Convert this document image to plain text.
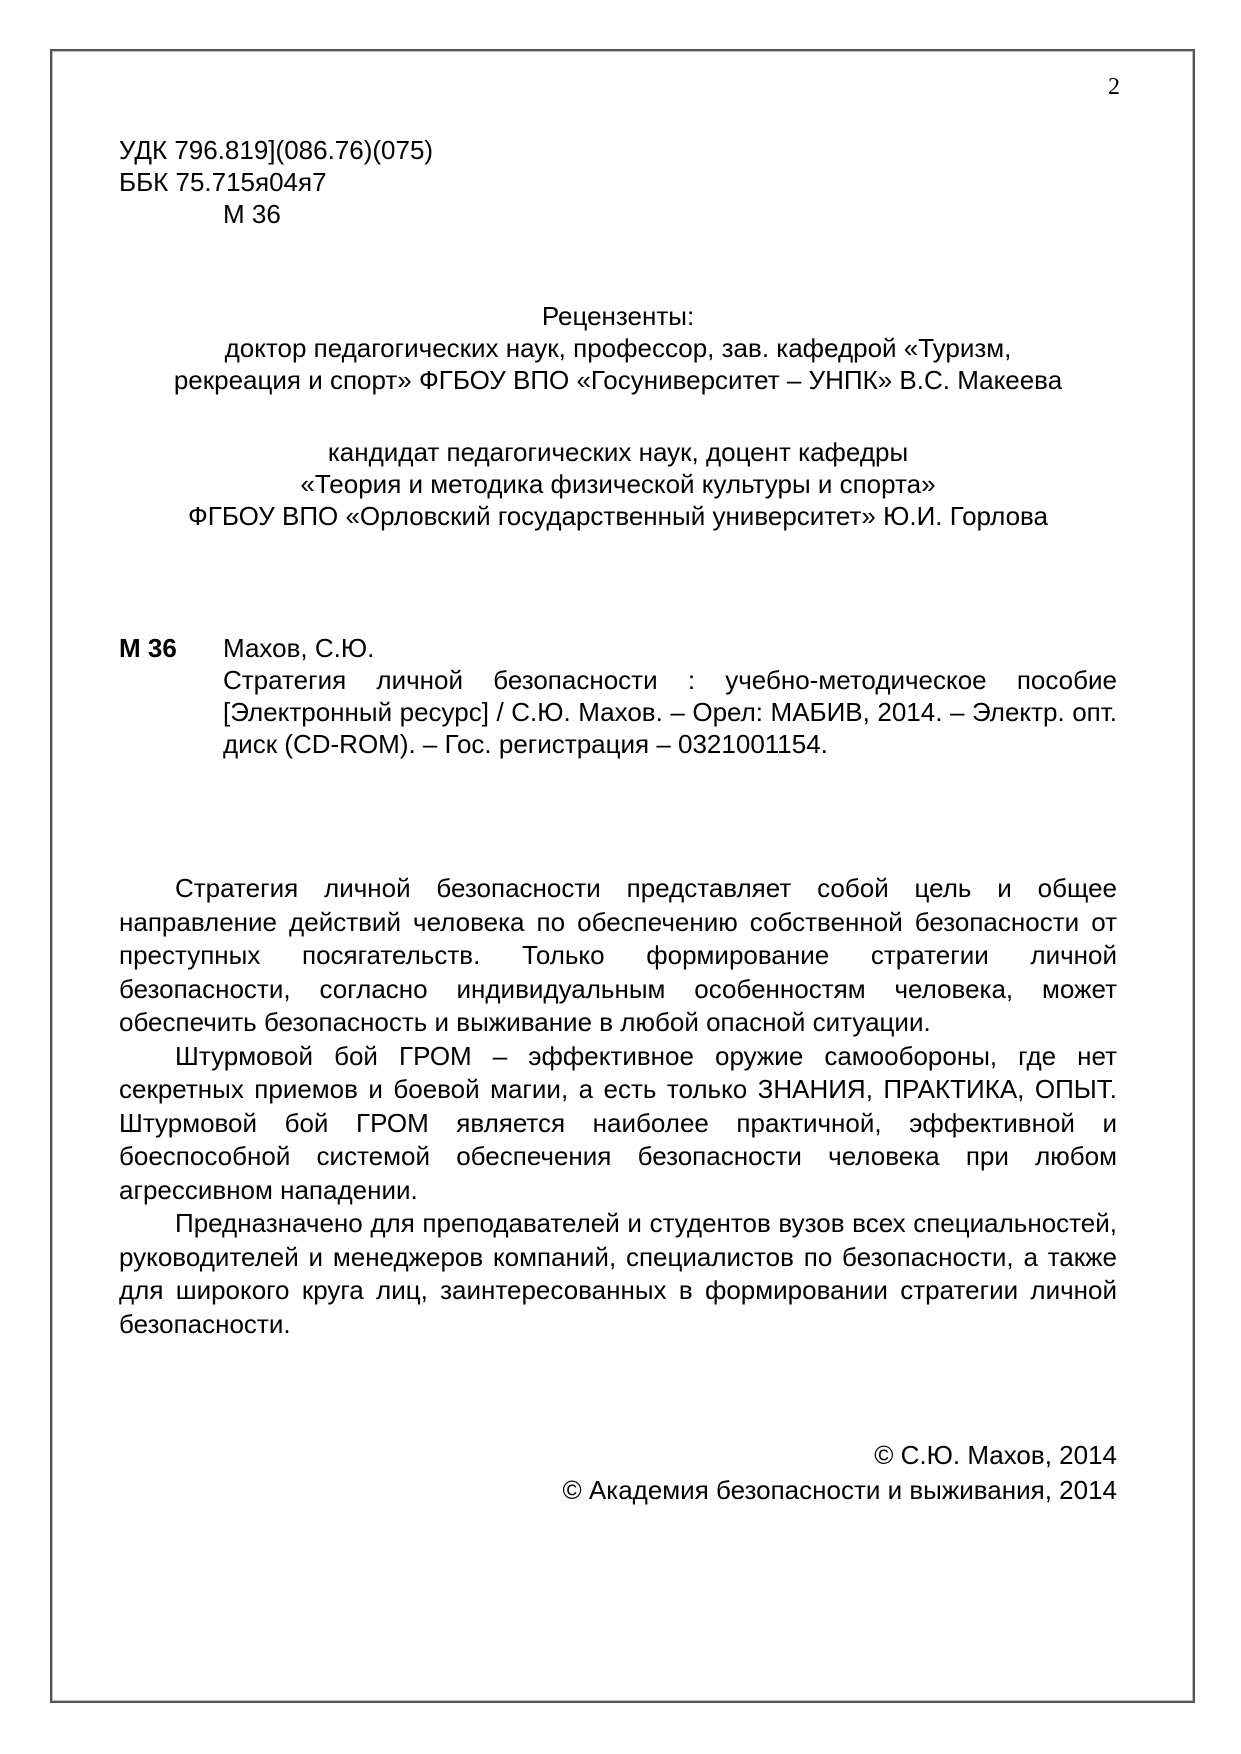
2
УДК 796.819](086.76)(075)
ББК 75.715я04я7
М 36
Рецензенты:
доктор педагогических наук, профессор, зав. кафедрой «Туризм,
рекреация и спорт» ФГБОУ ВПО «Госуниверситет – УНПК» В.С. Макеева
кандидат педагогических наук, доцент кафедры
«Теория и методика физической культуры и спорта»
ФГБОУ ВПО «Орловский государственный университет» Ю.И. Горлова
М 36 Махов, С.Ю.
Стратегия личной безопасности : учебно-методическое пособие [Электронный ресурс] / С.Ю. Махов. – Орел: МАБИВ, 2014. – Электр. опт. диск (CD-ROM). – Гос. регистрация – 0321001154.

Стратегия личной безопасности представляет собой цель и общее направление действий человека по обеспечению собственной безопасности от преступных посягательств. Только формирование стратегии личной безопасности, согласно индивидуальным особенностям человека, может обеспечить безопасность и выживание в любой опасной ситуации.

Штурмовой бой ГРОМ – эффективное оружие самообороны, где нет секретных приемов и боевой магии, а есть только ЗНАНИЯ, ПРАКТИКА, ОПЫТ. Штурмовой бой ГРОМ является наиболее практичной, эффективной и боеспособной системой обеспечения безопасности человека при любом агрессивном нападении.

Предназначено для преподавателей и студентов вузов всех специальностей, руководителей и менеджеров компаний, специалистов по безопасности, а также для широкого круга лиц, заинтересованных в формировании стратегии личной безопасности.

© С.Ю. Махов, 2014
© Академия безопасности и выживания, 2014
